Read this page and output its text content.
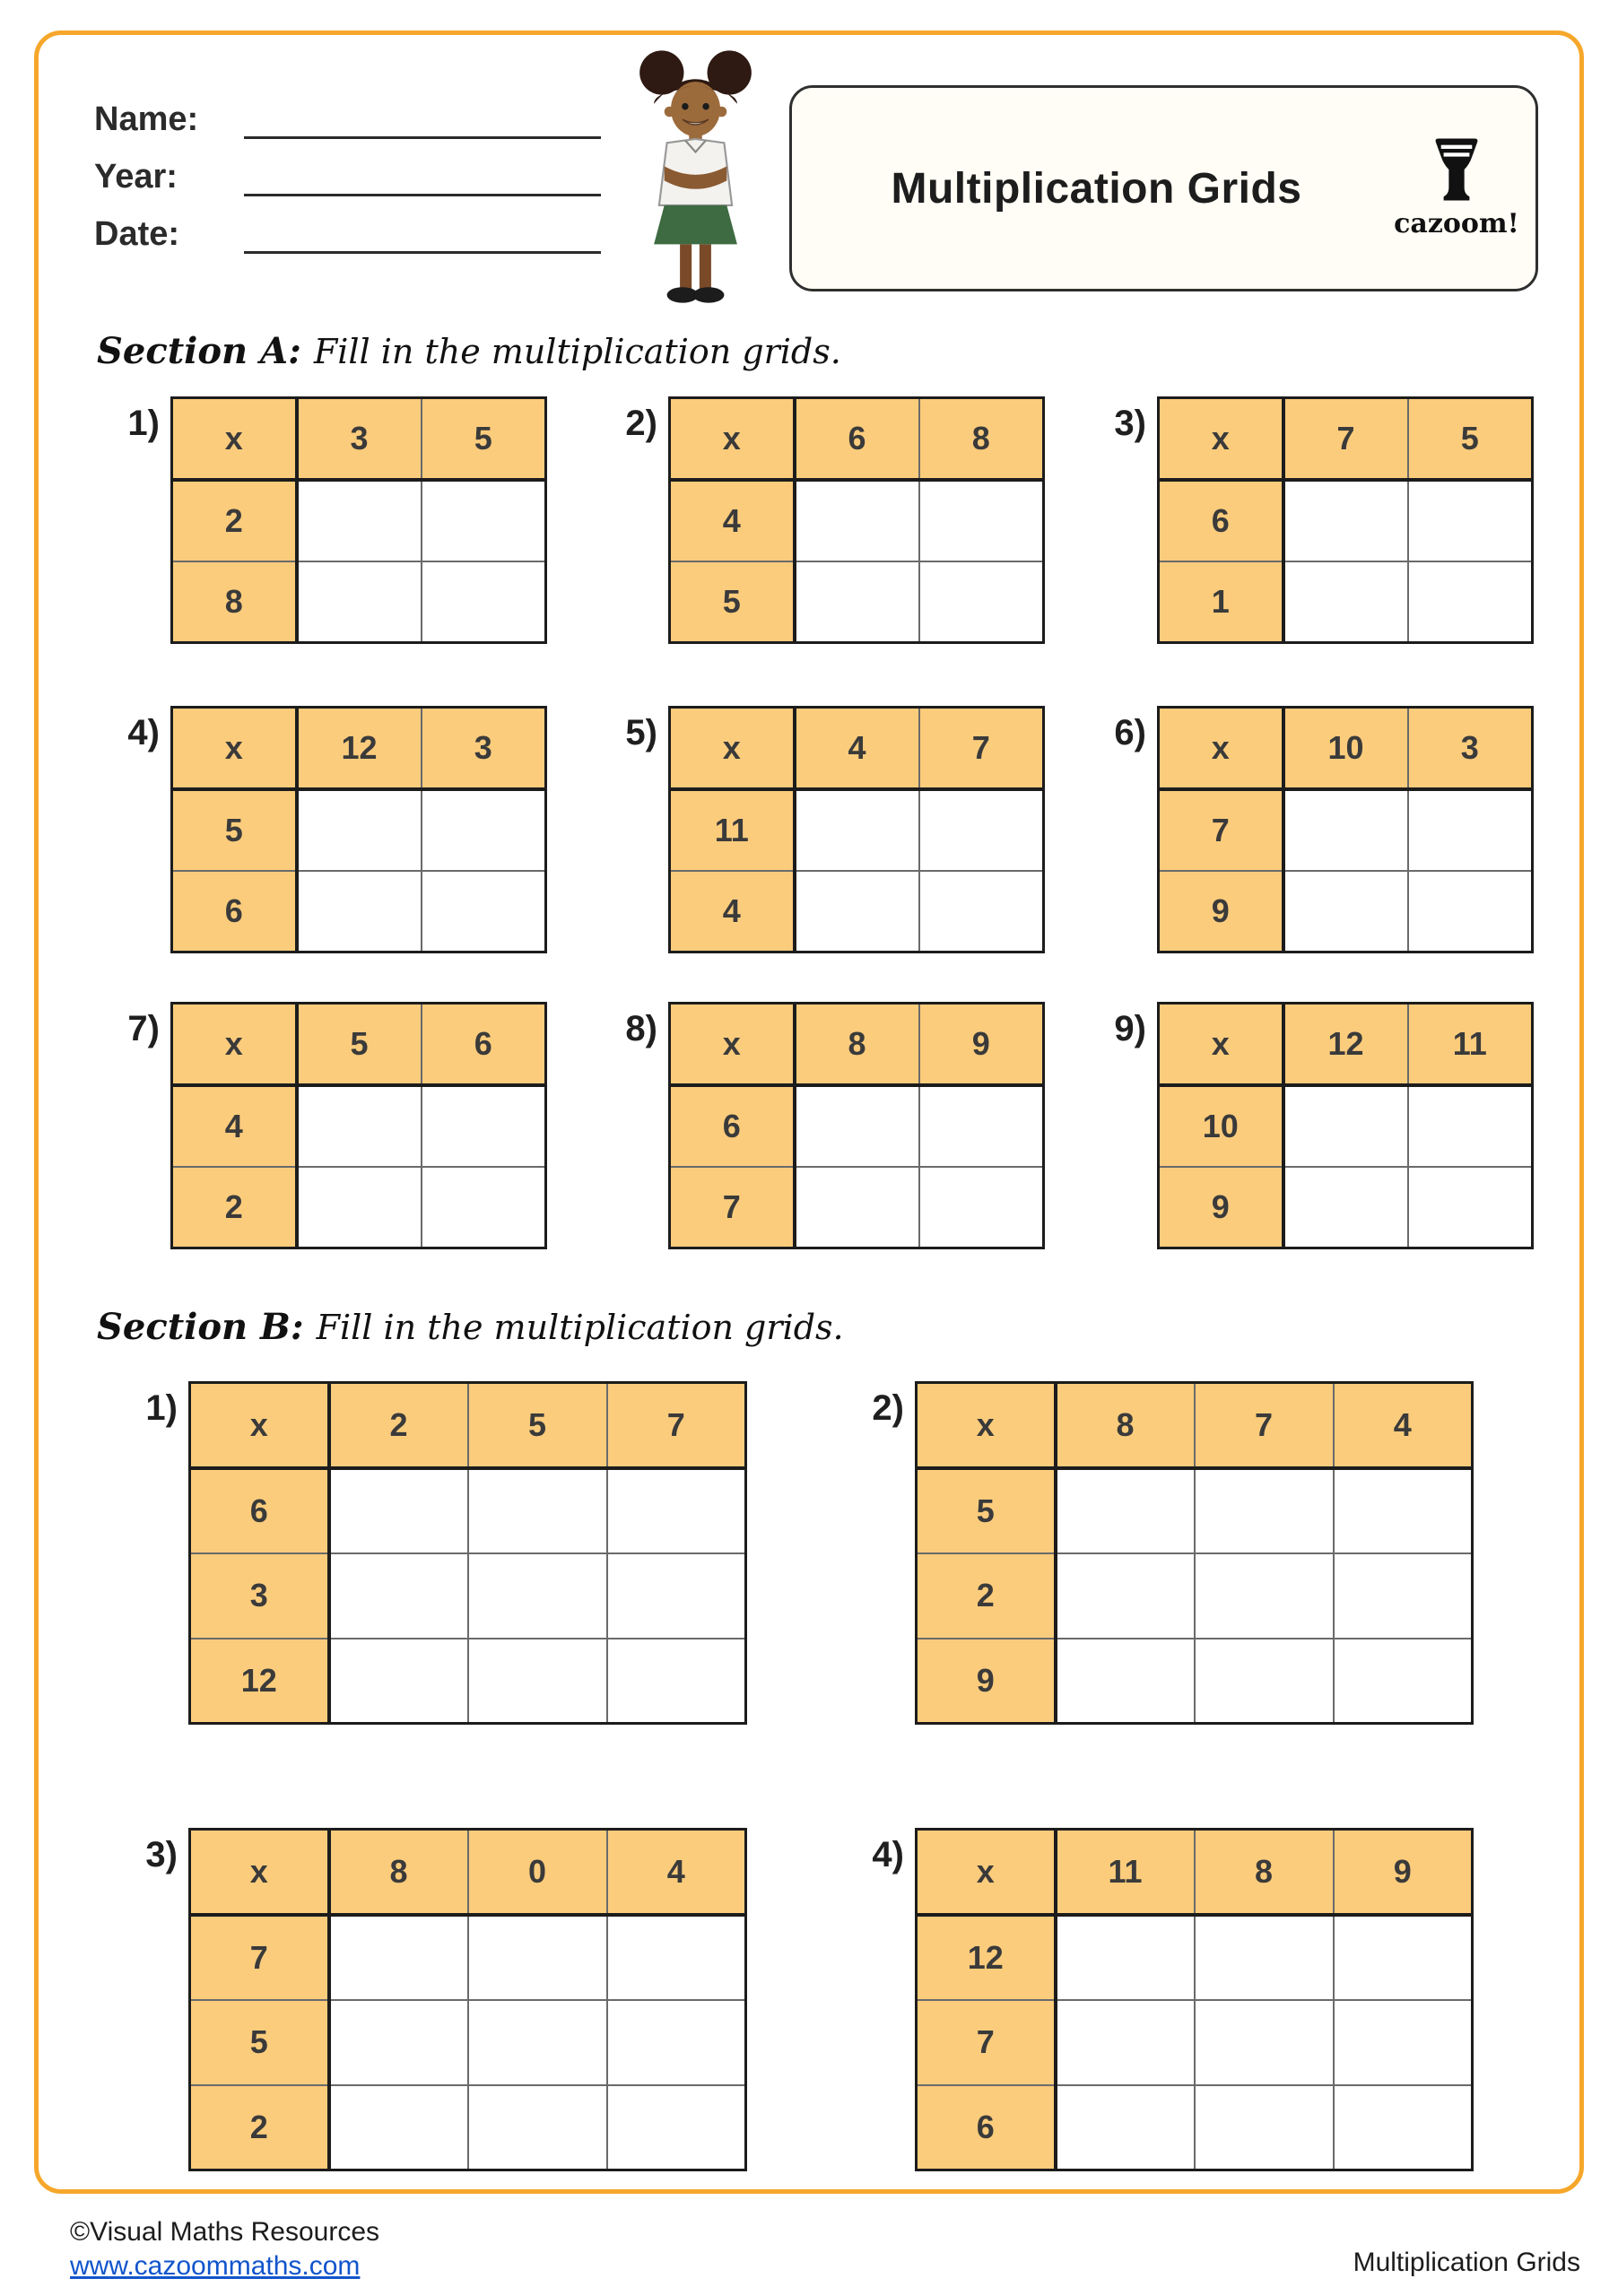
Name:
Year:
Date:
Multiplication Grids
cazoom!
Section A: Fill in the multiplication grids.
1)	2)	3)
4)	5)	6)
7)	8)	9)
x	3	5
2		
8		
x	6	8
4		
5		
x	7	5
6		
1		
x	12	3
5		
6		
x	4	7
11		
4		
x	10	3
7		
9		
x	5	6
4		
2		
x	8	9
6		
7		
x	12	11
10		
9		
Section B: Fill in the multiplication grids.
1)	2)
3)	4)
x	2	5	7
6			
3			
12			
x	8	7	4
5			
2			
9			
x	8	0	4
7			
5			
2			
x	11	8	9
12			
7			
6			
©Visual Maths Resources
www.cazoommaths.com	Multiplication Grids
